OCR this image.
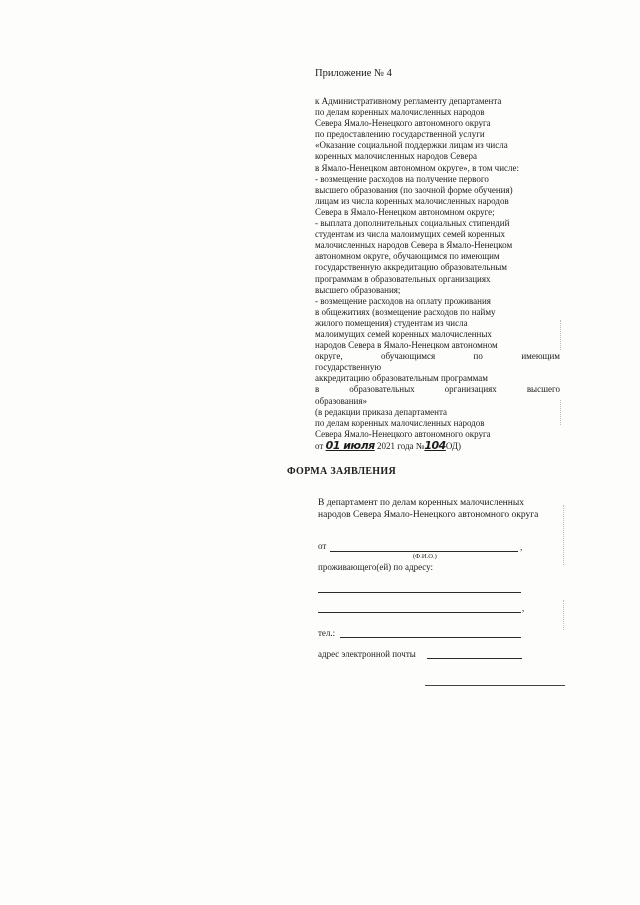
Приложение № 4
к Административному регламенту департамента
по делам коренных малочисленных народов
Севера Ямало-Ненецкого автономного округа
по предоставлению государственной услуги
«Оказание социальной поддержки лицам из числа
коренных малочисленных народов Севера
в Ямало-Ненецком автономном округе», в том числе:
- возмещение расходов на получение первого
высшего образования (по заочной форме обучения)
лицам из числа коренных малочисленных народов
Севера в Ямало-Ненецком автономном округе;
- выплата дополнительных социальных стипендий
студентам из числа малоимущих семей коренных
малочисленных народов Севера в Ямало-Ненецком
автономном округе, обучающимся по имеющим
государственную аккредитацию образовательным
программам в образовательных организациях
высшего образования;
- возмещение расходов на оплату проживания
в общежитиях (возмещение расходов по найму
жилого помещения) студентам из числа
малоимущих семей коренных малочисленных
народов Севера в Ямало-Ненецком автономном
округе,	обучающимся	по	имеющим
государственную
аккредитацию образовательным программам
в	образовательных	организациях	высшего
образования»
(в редакции приказа департамента
по делам коренных малочисленных народов
Севера Ямало-Ненецкого автономного округа
от 01 июля 2021 года №104ОД)
ФОРМА ЗАЯВЛЕНИЯ
В департамент по делам коренных малочисленных народов Севера Ямало-Ненецкого автономного округа
от	,
(Ф.И.О.)
проживающего(ей) по адресу:
,
тел.:
адрес электронной почты
